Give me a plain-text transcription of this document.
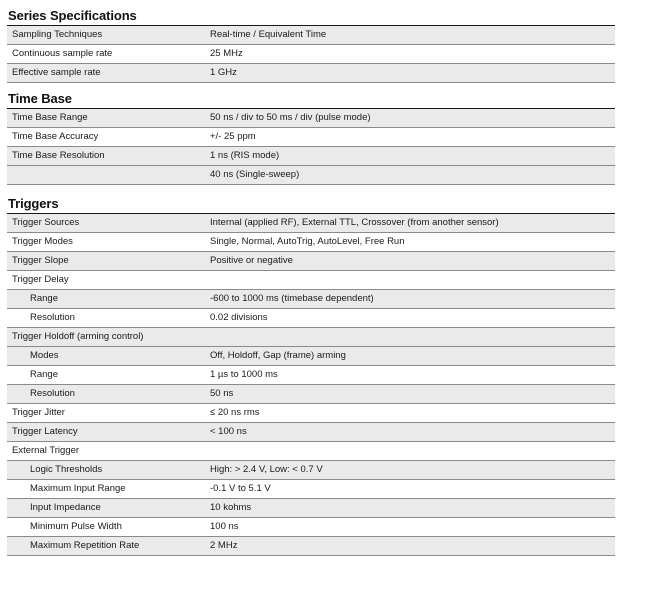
Series Specifications
Sampling Techniques	Real-time / Equivalent Time
Continuous sample rate	25 MHz
Effective sample rate	1 GHz
Time Base
Time Base Range	50 ns / div to 50 ms / div (pulse mode)
Time Base Accuracy	+/- 25 ppm
Time Base Resolution	1 ns (RIS mode)
	40 ns (Single-sweep)
Triggers
Trigger Sources	Internal (applied RF), External TTL, Crossover (from another sensor)
Trigger Modes	Single, Normal, AutoTrig, AutoLevel, Free Run
Trigger Slope	Positive or negative
Trigger Delay	
Range	-600 to 1000 ms (timebase dependent)
Resolution	0.02 divisions
Trigger Holdoff (arming control)	
Modes	Off, Holdoff, Gap (frame) arming
Range	1 µs to 1000 ms
Resolution	50 ns
Trigger Jitter	≤ 20 ns rms
Trigger Latency	< 100 ns
External Trigger	
Logic Thresholds	High: > 2.4 V, Low: < 0.7 V
Maximum Input Range	-0.1 V to 5.1 V
Input Impedance	10 kohms
Minimum Pulse Width	100 ns
Maximum Repetition Rate	2 MHz
